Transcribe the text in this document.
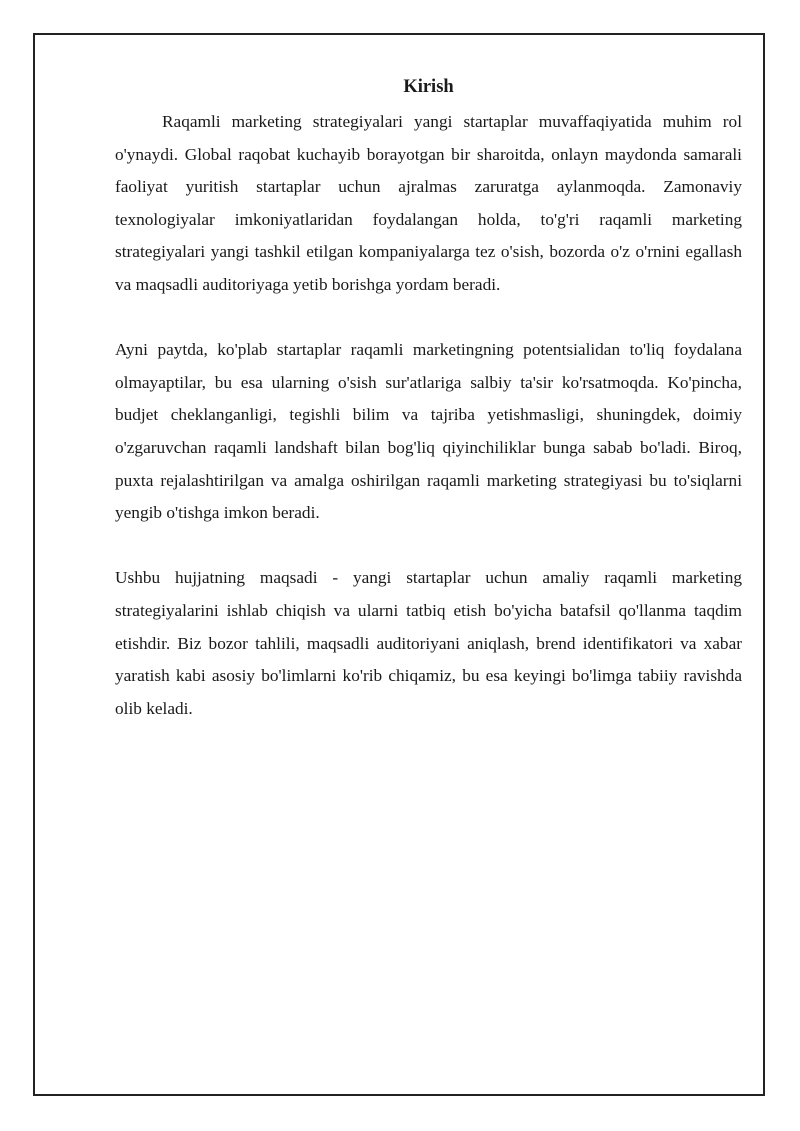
Kirish

Raqamli marketing strategiyalari yangi startaplar muvaffaqiyatida muhim rol o'ynaydi. Global raqobat kuchayib borayotgan bir sharoitda, onlayn maydonda samarali faoliyat yuritish startaplar uchun ajralmas zaruratga aylanmoqda. Zamonaviy texnologiyalar imkoniyatlaridan foydalangan holda, to'g'ri raqamli marketing strategiyalari yangi tashkil etilgan kompaniyalarga tez o'sish, bozorda o'z o'rnini egallash va maqsadli auditoriyaga yetib borishga yordam beradi.

Ayni paytda, ko'plab startaplar raqamli marketingning potentsialidan to'liq foydalana olmayaptilar, bu esa ularning o'sish sur'atlariga salbiy ta'sir ko'rsatmoqda. Ko'pincha, budjet cheklanganligi, tegishli bilim va tajriba yetishmasligi, shuningdek, doimiy o'zgaruvchan raqamli landshaft bilan bog'liq qiyinchiliklar bunga sabab bo'ladi. Biroq, puxta rejalashtirilgan va amalga oshirilgan raqamli marketing strategiyasi bu to'siqlarni yengib o'tishga imkon beradi.

Ushbu hujjatning maqsadi - yangi startaplar uchun amaliy raqamli marketing strategiyalarini ishlab chiqish va ularni tatbiq etish bo'yicha batafsil qo'llanma taqdim etishdir. Biz bozor tahlili, maqsadli auditoriyani aniqlash, brend identifikatori va xabar yaratish kabi asosiy bo'limlarni ko'rib chiqamiz, bu esa keyingi bo'limga tabiiy ravishda olib keladi.
